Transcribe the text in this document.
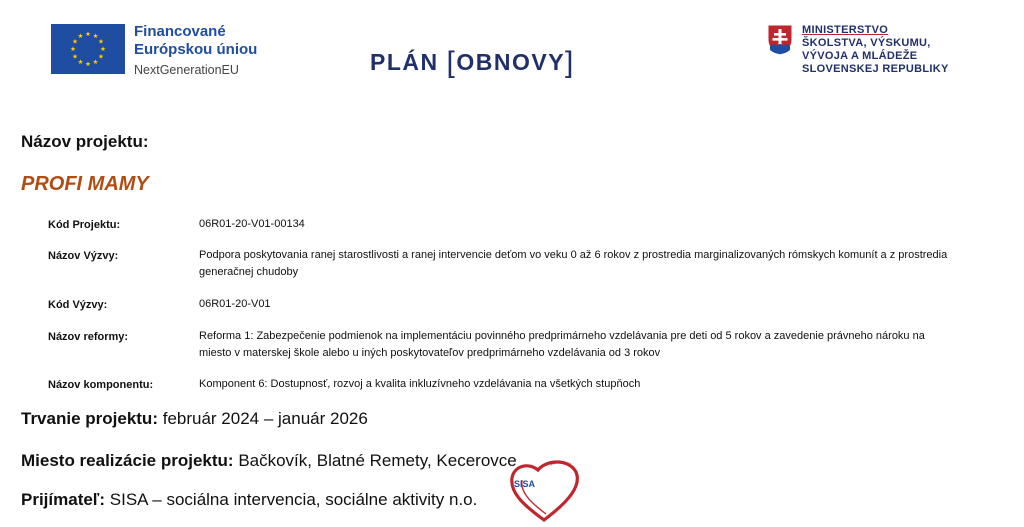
Financované
Európskou úniou
NextGenerationEU	PLÁN [OBNOVY]
MINISTERSTVO
ŠKOLSTVA, VÝSKUMU,
VÝVOJA A MLÁDEŽE
SLOVENSKEJ REPUBLIKY
Názov projektu:
PROFI MAMY
Kód Projektu:	06R01-20-V01-00134
Názov Výzvy:	Podpora poskytovania ranej starostlivosti a ranej intervencie deťom vo veku 0 až 6 rokov z prostredia marginalizovaných rómskych komunít a z prostredia generačnej chudoby
Kód Výzvy:	06R01-20-V01
Názov reformy:	Reforma 1: Zabezpečenie podmienok na implementáciu povinného predprimárneho vzdelávania pre deti od 5 rokov a zavedenie právneho nároku na miesto v materskej škole alebo u iných poskytovateľov predprimárneho vzdelávania od 3 rokov
Názov komponentu:	Komponent 6: Dostupnosť, rozvoj a kvalita inkluzívneho vzdelávania na všetkých stupňoch
Trvanie projektu: február 2024 – január 2026
Miesto realizácie projektu: Bačkovík, Blatné Remety, Kecerovce
Prijímateľ: SISA – sociálna intervencia, sociálne aktivity n.o.
SISA
Sociálna intervencia, so
